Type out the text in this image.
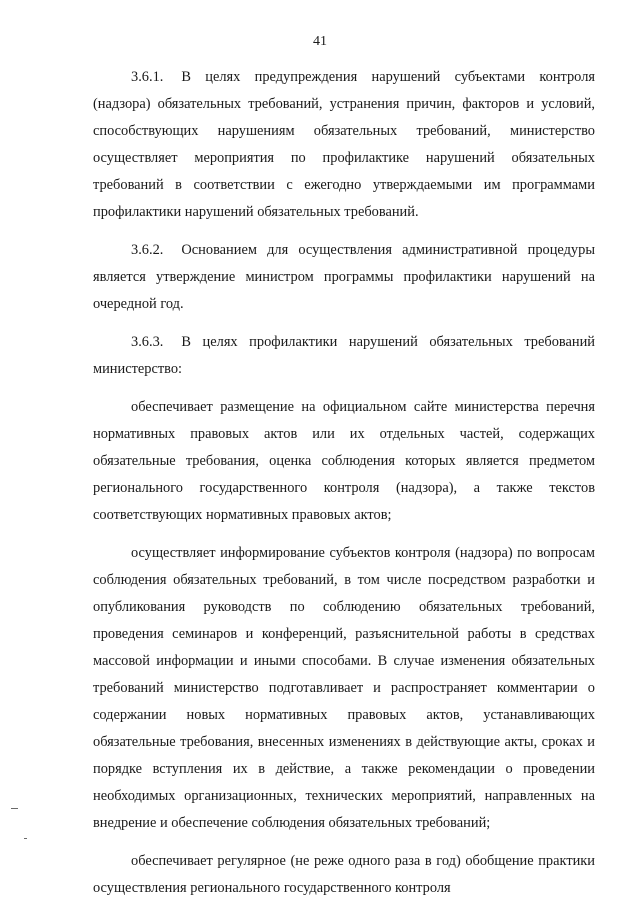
41

3.6.1. В целях предупреждения нарушений субъектами контроля (надзора) обязательных требований, устранения причин, факторов и условий, способствующих нарушениям обязательных требований, министерство осуществляет мероприятия по профилактике нарушений обязательных требований в соответствии с ежегодно утверждаемыми им программами профилактики нарушений обязательных требований.

3.6.2. Основанием для осуществления административной процедуры является утверждение министром программы профилактики нарушений на очередной год.

3.6.3. В целях профилактики нарушений обязательных требований министерство:

обеспечивает размещение на официальном сайте министерства перечня нормативных правовых актов или их отдельных частей, содержащих обязательные требования, оценка соблюдения которых является предметом регионального государственного контроля (надзора), а также текстов соответствующих нормативных правовых актов;

осуществляет информирование субъектов контроля (надзора) по вопросам соблюдения обязательных требований, в том числе посредством разработки и опубликования руководств по соблюдению обязательных требований, проведения семинаров и конференций, разъяснительной работы в средствах массовой информации и иными способами. В случае изменения обязательных требований министерство подготавливает и распространяет комментарии о содержании новых нормативных правовых актов, устанавливающих обязательные требования, внесенных изменениях в действующие акты, сроках и порядке вступления их в действие, а также рекомендации о проведении необходимых организационных, технических мероприятий, направленных на внедрение и обеспечение соблюдения обязательных требований;

обеспечивает регулярное (не реже одного раза в год) обобщение практики осуществления регионального государственного контроля
